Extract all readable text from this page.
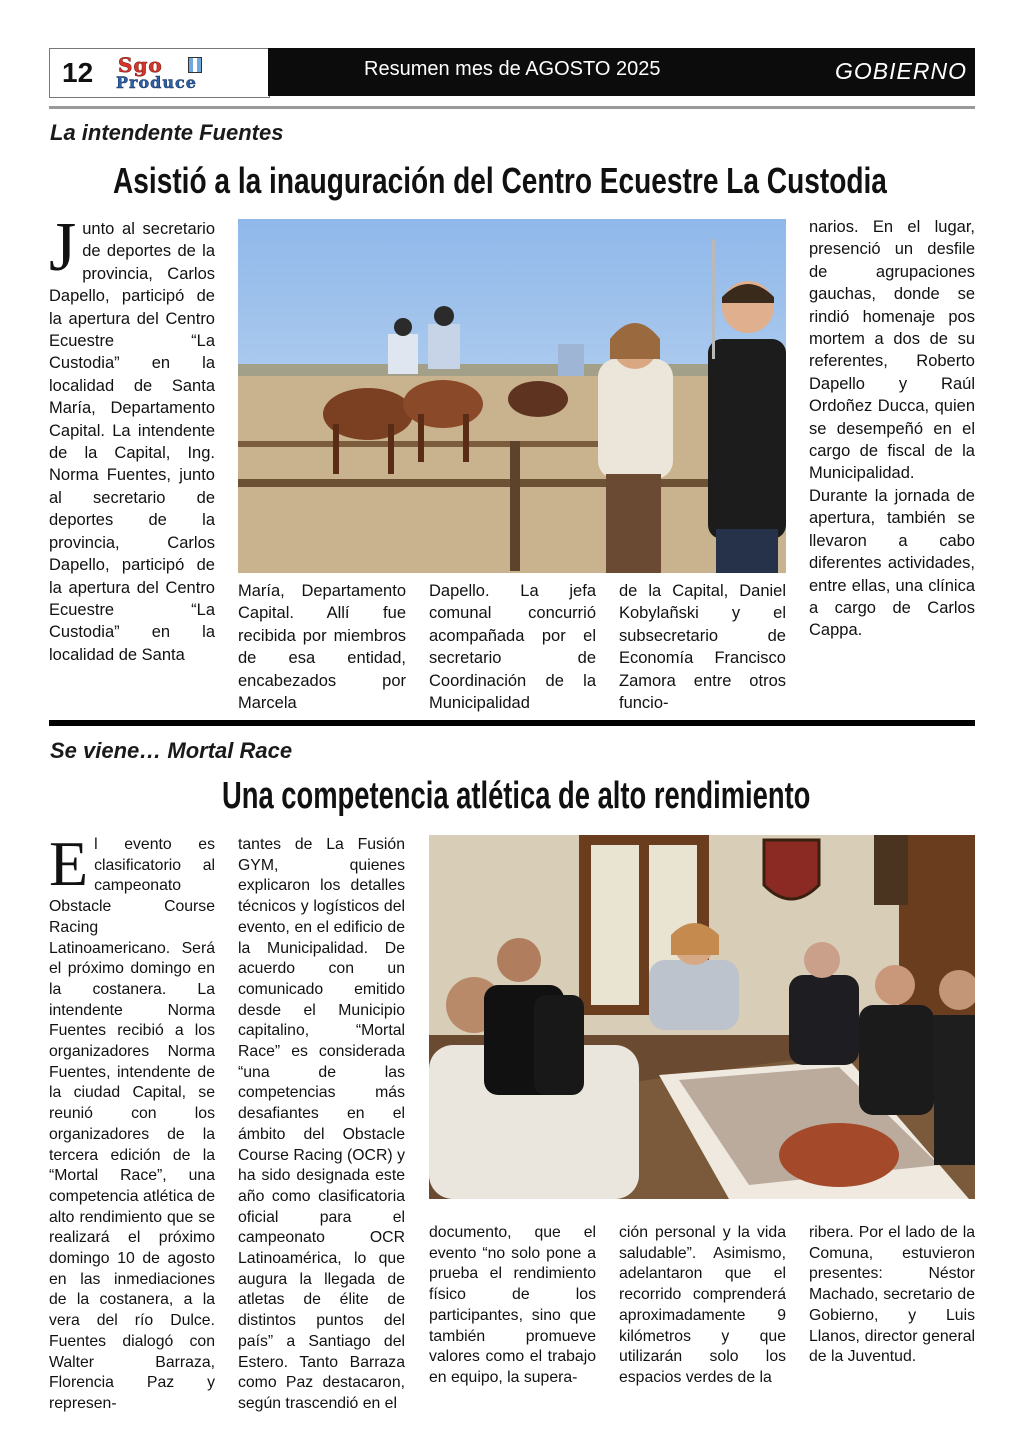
12 Sgo
Produce
Resumen mes de AGOSTO 2025	GOBIERNO
La intendente Fuentes
Asistió a la inauguración del Centro Ecuestre La Custodia
J unto al secretario de deportes de la provincia, Carlos Dapello, participó de la apertura del Centro Ecuestre “La Custodia” en la localidad de Santa María, Departamento Capital. La intendente de la Capital, Ing. Norma Fuentes, junto al secretario de deportes de la provincia, Carlos Dapello, participó de la apertura del Centro Ecuestre “La Custodia” en la localidad de Santa

María, Departamento Capital. Allí fue recibida por miembros de esa entidad, encabezados por Marcela

Dapello. La jefa comunal concurrió acompañada por el secretario de Coordinación de la Municipalidad

de la Capital, Daniel Kobylañski y el subsecretario de Economía Francisco Zamora entre otros funcio-

narios. En el lugar, presenció un desfile de agrupaciones gauchas, donde se rindió homenaje pos mortem a dos de su referentes, Roberto Dapello y Raúl Ordoñez Ducca, quien se desempeñó en el cargo de fiscal de la Municipalidad. Durante la jornada de apertura, también se llevaron a cabo diferentes actividades, entre ellas, una clínica a cargo de Carlos Cappa.

Se viene… Mortal Race
Una competencia atlética de alto rendimiento
E l evento es clasificatorio al campeonato Obstacle Course Racing Latinoamericano. Será el próximo domingo en la costanera. La intendente Norma Fuentes recibió a los organizadores Norma Fuentes, intendente de la ciudad Capital, se reunió con los organizadores de la tercera edición de la “Mortal Race”, una competencia atlética de alto rendimiento que se realizará el próximo domingo 10 de agosto en las inmediaciones de la costanera, a la vera del río Dulce. Fuentes dialogó con Walter Barraza, Florencia Paz y represen-

tantes de La Fusión GYM, quienes explicaron los detalles técnicos y logísticos del evento, en el edificio de la Municipalidad. De acuerdo con un comunicado emitido desde el Municipio capitalino, “Mortal Race” es considerada “una de las competencias más desafiantes en el ámbito del Obstacle Course Racing (OCR) y ha sido designada este año como clasificatoria oficial para el campeonato OCR Latinoamérica, lo que augura la llegada de atletas de élite de distintos puntos del país” a Santiago del Estero. Tanto Barraza como Paz destacaron, según trascendió en el

documento, que el evento “no solo pone a prueba el rendimiento físico de los participantes, sino que también promueve valores como el trabajo en equipo, la supera-

ción personal y la vida saludable”. Asimismo, adelantaron que el recorrido comprenderá aproximadamente 9 kilómetros y que utilizarán solo los espacios verdes de la

ribera. Por el lado de la Comuna, estuvieron presentes: Néstor Machado, secretario de Gobierno, y Luis Llanos, director general de la Juventud.
